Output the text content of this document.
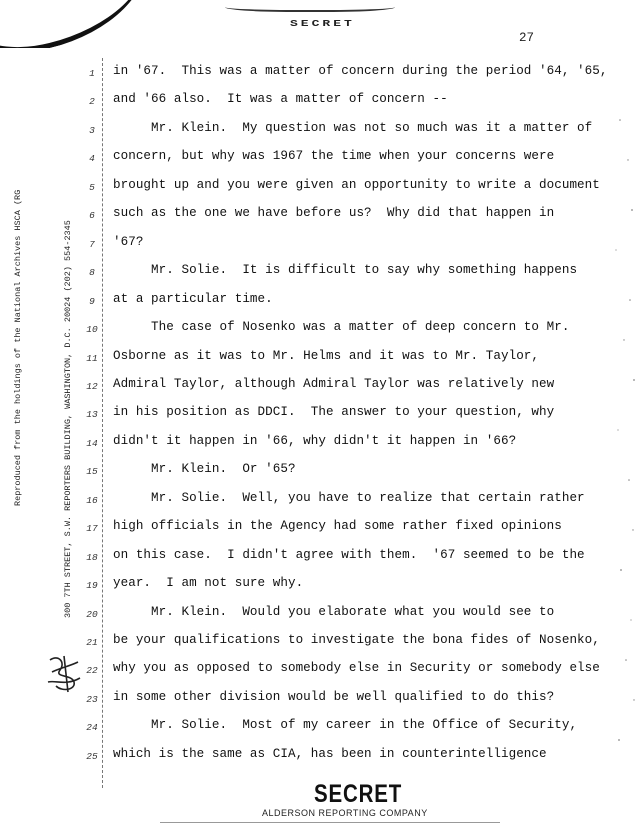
SECRET
27
Reproduced from the holdings of the National Archives HSCA (RG	300 7TH STREET, S.W. REPORTERS BUILDING, WASHINGTON, D.C. 20024 (202) 554-2345
1	in '67.  This was a matter of concern during the period '64, '65,
2	and '66 also.  It was a matter of concern --
3	Mr. Klein.  My question was not so much was it a matter of
4	concern, but why was 1967 the time when your concerns were
5	brought up and you were given an opportunity to write a document
6	such as the one we have before us?  Why did that happen in
7	'67?
8	Mr. Solie.  It is difficult to say why something happens
9	at a particular time.
10 The case of Nosenko was a matter of deep concern to Mr.
11 Osborne as it was to Mr. Helms and it was to Mr. Taylor,
12 Admiral Taylor, although Admiral Taylor was relatively new
13 in his position as DDCI.  The answer to your question, why
14 didn't it happen in '66, why didn't it happen in '66?
15 Mr. Klein.  Or '65?
16 Mr. Solie.  Well, you have to realize that certain rather
17 high officials in the Agency had some rather fixed opinions
18 on this case.  I didn't agree with them.  '67 seemed to be the
19 year.  I am not sure why.
20 Mr. Klein.  Would you elaborate what you would see to
21 be your qualifications to investigate the bona fides of Nosenko,
22 why you as opposed to somebody else in Security or somebody else
23 in some other division would be well qualified to do this?
24 Mr. Solie.  Most of my career in the Office of Security,
25 which is the same as CIA, has been in counterintelligence
SECRET
ALDERSON REPORTING COMPANY
